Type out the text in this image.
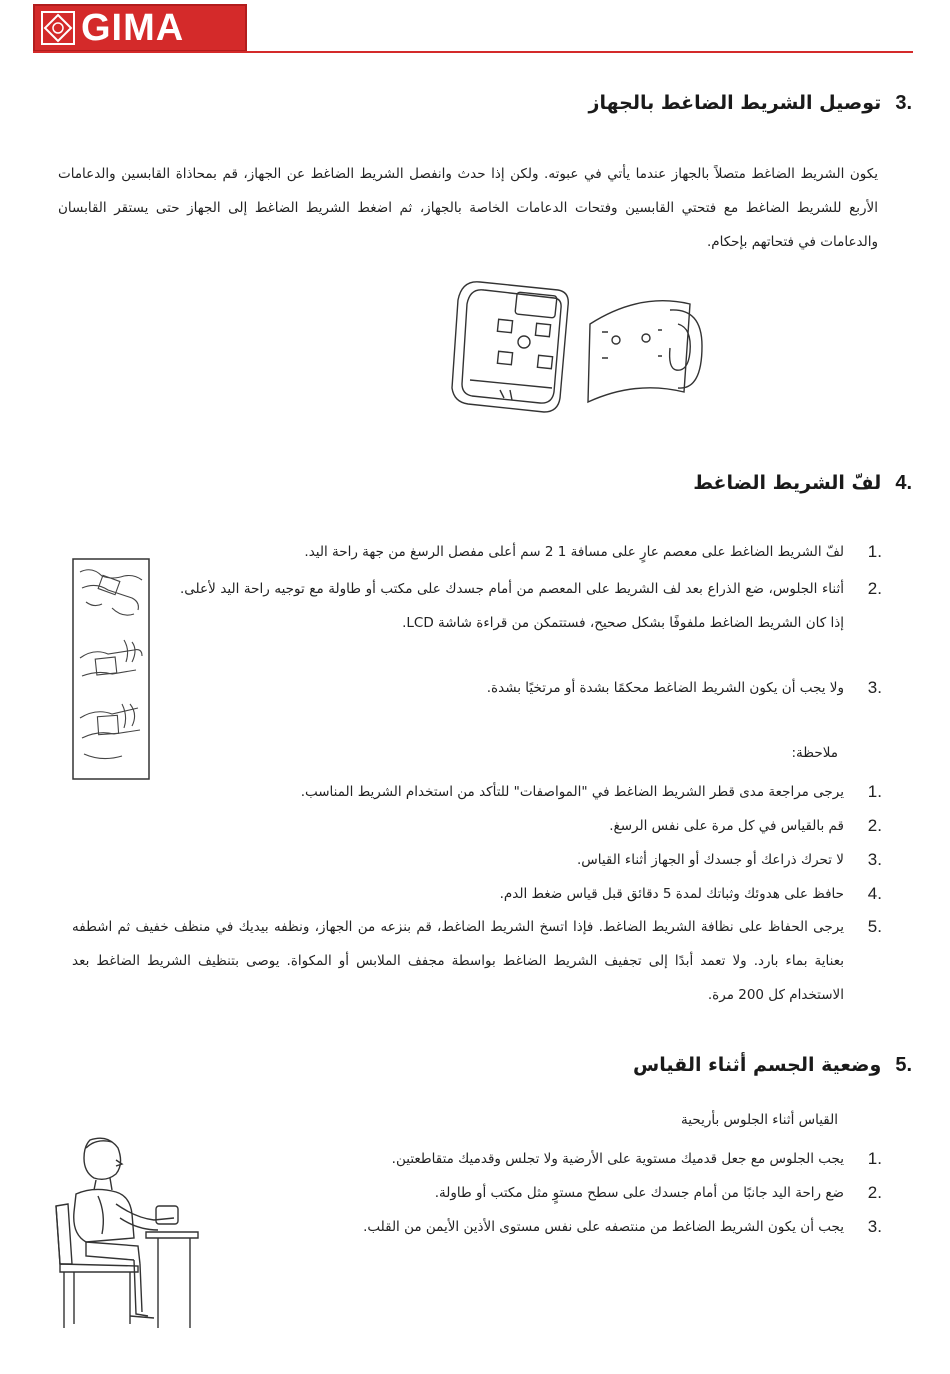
GIMA
.3
توصيل الشريط الضاغط بالجهاز
يكون الشريط الضاغط متصلاً بالجهاز عندما يأتي في عبوته. ولكن إذا حدث وانفصل الشريط الضاغط عن الجهاز، قم بمحاذاة القابسين والدعامات الأربع للشريط الضاغط مع فتحتي القابسين وفتحات الدعامات الخاصة بالجهاز، ثم اضغط الشريط الضاغط إلى الجهاز حتى يستقر القابسان والدعامات في فتحاتهم بإحكام.
.4
لفّ الشريط الضاغط
.1
لفّ الشريط الضاغط على معصم عارٍ على مسافة 1 2 سم أعلى مفصل الرسغ من جهة راحة اليد.
.2
أثناء الجلوس، ضع الذراع بعد لف الشريط على المعصم من أمام جسدك على مكتب أو طاولة مع توجيه راحة اليد لأعلى. إذا كان الشريط الضاغط ملفوفًا بشكل صحيح، فستتمكن من قراءة شاشة LCD.
.3
ولا يجب أن يكون الشريط الضاغط محكمًا بشدة أو مرتخيًا بشدة.
ملاحظة:
.1
يرجى مراجعة مدى قطر الشريط الضاغط في "المواصفات" للتأكد من استخدام الشريط المناسب.
.2
قم بالقياس في كل مرة على نفس الرسغ.
.3
لا تحرك ذراعك أو جسدك أو الجهاز أثناء القياس.
.4
حافظ على هدوئك وثباتك لمدة 5 دقائق قبل قياس ضغط الدم.
.5
يرجى الحفاظ على نظافة الشريط الضاغط. فإذا اتسخ الشريط الضاغط، قم بنزعه من الجهاز، ونظفه بيديك في منظف خفيف ثم اشطفه بعناية بماء بارد. ولا تعمد أبدًا إلى تجفيف الشريط الضاغط بواسطة مجفف الملابس أو المكواة. يوصى بتنظيف الشريط الضاغط بعد الاستخدام كل 200 مرة.
.5
وضعية الجسم أثناء القياس
القياس أثناء الجلوس بأريحية
.1
يجب الجلوس مع جعل قدميك مستوية على الأرضية ولا تجلس وقدميك متقاطعتين.
.2
ضع راحة اليد جانبًا من أمام جسدك على سطح مستوٍ مثل مكتب أو طاولة.
.3
يجب أن يكون الشريط الضاغط من منتصفه على نفس مستوى الأذين الأيمن من القلب.
